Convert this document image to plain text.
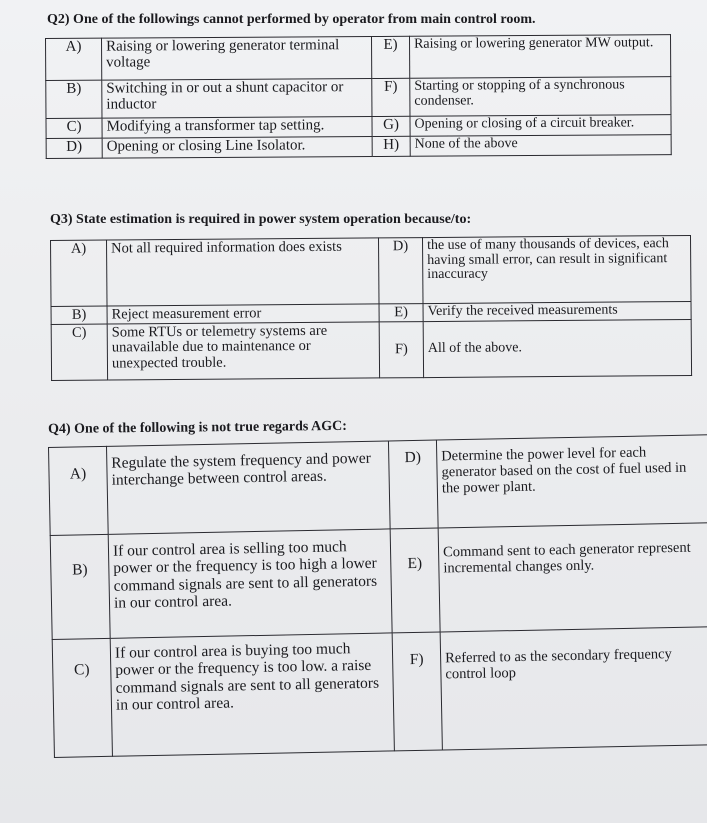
Q2) One of the followings cannot performed by operator from main control room.
A)	Raising or lowering generator terminal voltage	E)	Raising or lowering generator MW output.
B)	Switching in or out a shunt capacitor or inductor	F)	Starting or stopping of a synchronous condenser.
C)	Modifying a transformer tap setting.	G)	Opening or closing of a circuit breaker.
D)	Opening or closing Line Isolator.	H)	None of the above
Q3) State estimation is required in power system operation because/to:
A)	Not all required information does exists	D)	the use of many thousands of devices, each having small error, can result in significant inaccuracy
B)	Reject measurement error	E)	Verify the received measurements
C)	Some RTUs or telemetry systems are unavailable due to maintenance or unexpected trouble.	F)	All of the above.
Q4) One of the following is not true regards AGC:
A)	Regulate the system frequency and power interchange between control areas.	D)	Determine the power level for each generator based on the cost of fuel used in the power plant.
B)	If our control area is selling too much power or the frequency is too high a lower command signals are sent to all generators in our control area.	E)	Command sent to each generator represent incremental changes only.
C)	If our control area is buying too much power or the frequency is too low. a raise command signals are sent to all generators in our control area.	F)	Referred to as the secondary frequency control loop
